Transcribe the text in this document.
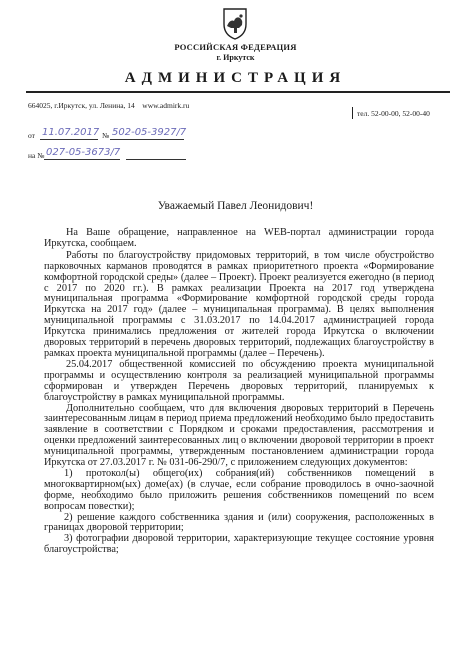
РОССИЙСКАЯ ФЕДЕРАЦИЯ
г. Иркутск
АДМИНИСТРАЦИЯ
664025, г.Иркутск, ул. Ленина, 14    www.admirk.ru
тел. 52-00-00, 52-00-40
от 11.07.2017 № 502-05-3927/7
на № 027-05-3673/7
Уважаемый Павел Леонидович!

На Ваше обращение, направленное на WEB-портал администрации города Иркутска, сообщаем.

Работы по благоустройству придомовых территорий, в том числе обустройство парковочных карманов проводятся в рамках приоритетного проекта «Формирование комфортной городской среды» (далее – Проект). Проект реализуется ежегодно (в период с 2017 по 2020 гг.). В рамках реализации Проекта на 2017 год утверждена муниципальная программа «Формирование комфортной городской среды города Иркутска на 2017 год» (далее – муниципальная программа). В целях выполнения муниципальной программы с 31.03.2017 по 14.04.2017 администрацией города Иркутска принимались предложения от жителей города Иркутска о включении дворовых территорий в перечень дворовых территорий, подлежащих благоустройству в рамках проекта муниципальной программы (далее – Перечень).

25.04.2017 общественной комиссией по обсуждению проекта муниципальной программы и осуществлению контроля за реализацией муниципальной программы сформирован и утвержден Перечень дворовых территорий, планируемых к благоустройству в рамках муниципальной программы.

Дополнительно сообщаем, что для включения дворовых территорий в Перечень заинтересованным лицам в период приема предложений необходимо было предоставить заявление в соответствии с Порядком и сроками предоставления, рассмотрения и оценки предложений заинтересованных лиц о включении дворовой территории в проект муниципальной программы, утвержденным постановлением администрации города Иркутска от 27.03.2017 г. № 031-06-290/7, с приложением следующих документов:

1) протокол(ы) общего(их) собрания(ий) собственников помещений в многоквартирном(ых) доме(ах) (в случае, если собрание проводилось в очно-заочной форме, необходимо было приложить решения собственников помещений по всем вопросам повестки);

2) решение каждого собственника здания и (или) сооружения, расположенных в границах дворовой территории;

3) фотографии дворовой территории, характеризующие текущее состояние уровня благоустройства;
